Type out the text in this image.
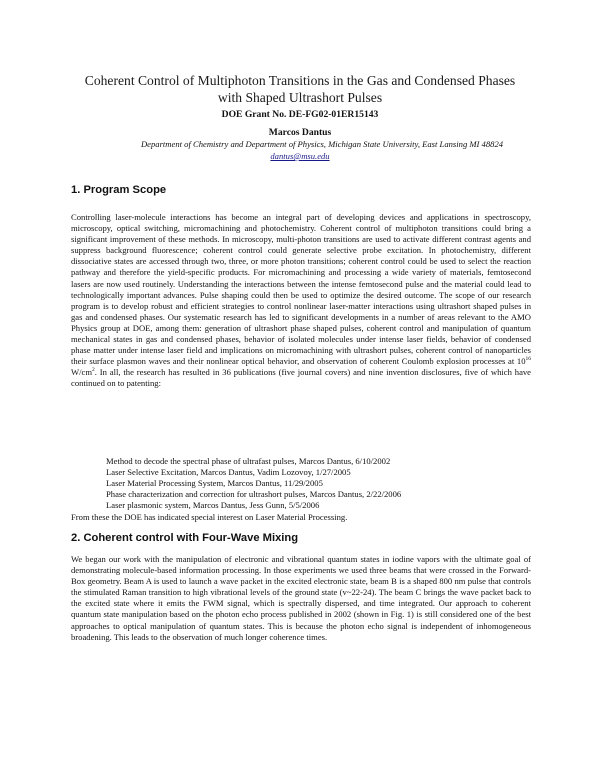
Coherent Control of Multiphoton Transitions in the Gas and Condensed Phases
with Shaped Ultrashort Pulses
DOE Grant No. DE-FG02-01ER15143
Marcos Dantus
Department of Chemistry and Department of Physics, Michigan State University, East Lansing MI 48824
dantus@msu.edu
1. Program Scope
Controlling laser-molecule interactions has become an integral part of developing devices and applications in spectroscopy, microscopy, optical switching, micromachining and photochemistry. Coherent control of multiphoton transitions could bring a significant improvement of these methods. In microscopy, multi-photon transitions are used to activate different contrast agents and suppress background fluorescence; coherent control could generate selective probe excitation. In photochemistry, different dissociative states are accessed through two, three, or more photon transitions; coherent control could be used to select the reaction pathway and therefore the yield-specific products. For micromachining and processing a wide variety of materials, femtosecond lasers are now used routinely. Understanding the interactions between the intense femtosecond pulse and the material could lead to technologically important advances. Pulse shaping could then be used to optimize the desired outcome. The scope of our research program is to develop robust and efficient strategies to control nonlinear laser-matter interactions using ultrashort shaped pulses in gas and condensed phases. Our systematic research has led to significant developments in a number of areas relevant to the AMO Physics group at DOE, among them: generation of ultrashort phase shaped pulses, coherent control and manipulation of quantum mechanical states in gas and condensed phases, behavior of isolated molecules under intense laser fields, behavior of condensed phase matter under intense laser field and implications on micromachining with ultrashort pulses, coherent control of nanoparticles their surface plasmon waves and their nonlinear optical behavior, and observation of coherent Coulomb explosion processes at $10^{16}$ $W/cm^2$. In all, the research has resulted in 36 publications (five journal covers) and nine invention disclosures, five of which have continued on to patenting:
Method to decode the spectral phase of ultrafast pulses, Marcos Dantus, 6/10/2002
Laser Selective Excitation, Marcos Dantus, Vadim Lozovoy, 1/27/2005
Laser Material Processing System, Marcos Dantus, 11/29/2005
Phase characterization and correction for ultrashort pulses, Marcos Dantus, 2/22/2006
Laser plasmonic system, Marcos Dantus, Jess Gunn, 5/5/2006
From these the DOE has indicated special interest on Laser Material Processing.
2. Coherent control with Four-Wave Mixing
We began our work with the manipulation of electronic and vibrational quantum states in iodine vapors with the ultimate goal of demonstrating molecule-based information processing. In those experiments we used three beams that were crossed in the Forward-Box geometry. Beam A is used to launch a wave packet in the excited electronic state, beam B is a shaped 800 nm pulse that controls the stimulated Raman transition to high vibrational levels of the ground state (v~22-24). The beam C brings the wave packet back to the excited state where it emits the FWM signal, which is spectrally dispersed, and time integrated. Our approach to coherent quantum state manipulation based on the photon echo process published in 2002 (shown in Fig. 1) is still considered one of the best approaches to optical manipulation of quantum states. This is because the photon echo signal is independent of inhomogeneous broadening. This leads to the observation of much longer coherence times.
